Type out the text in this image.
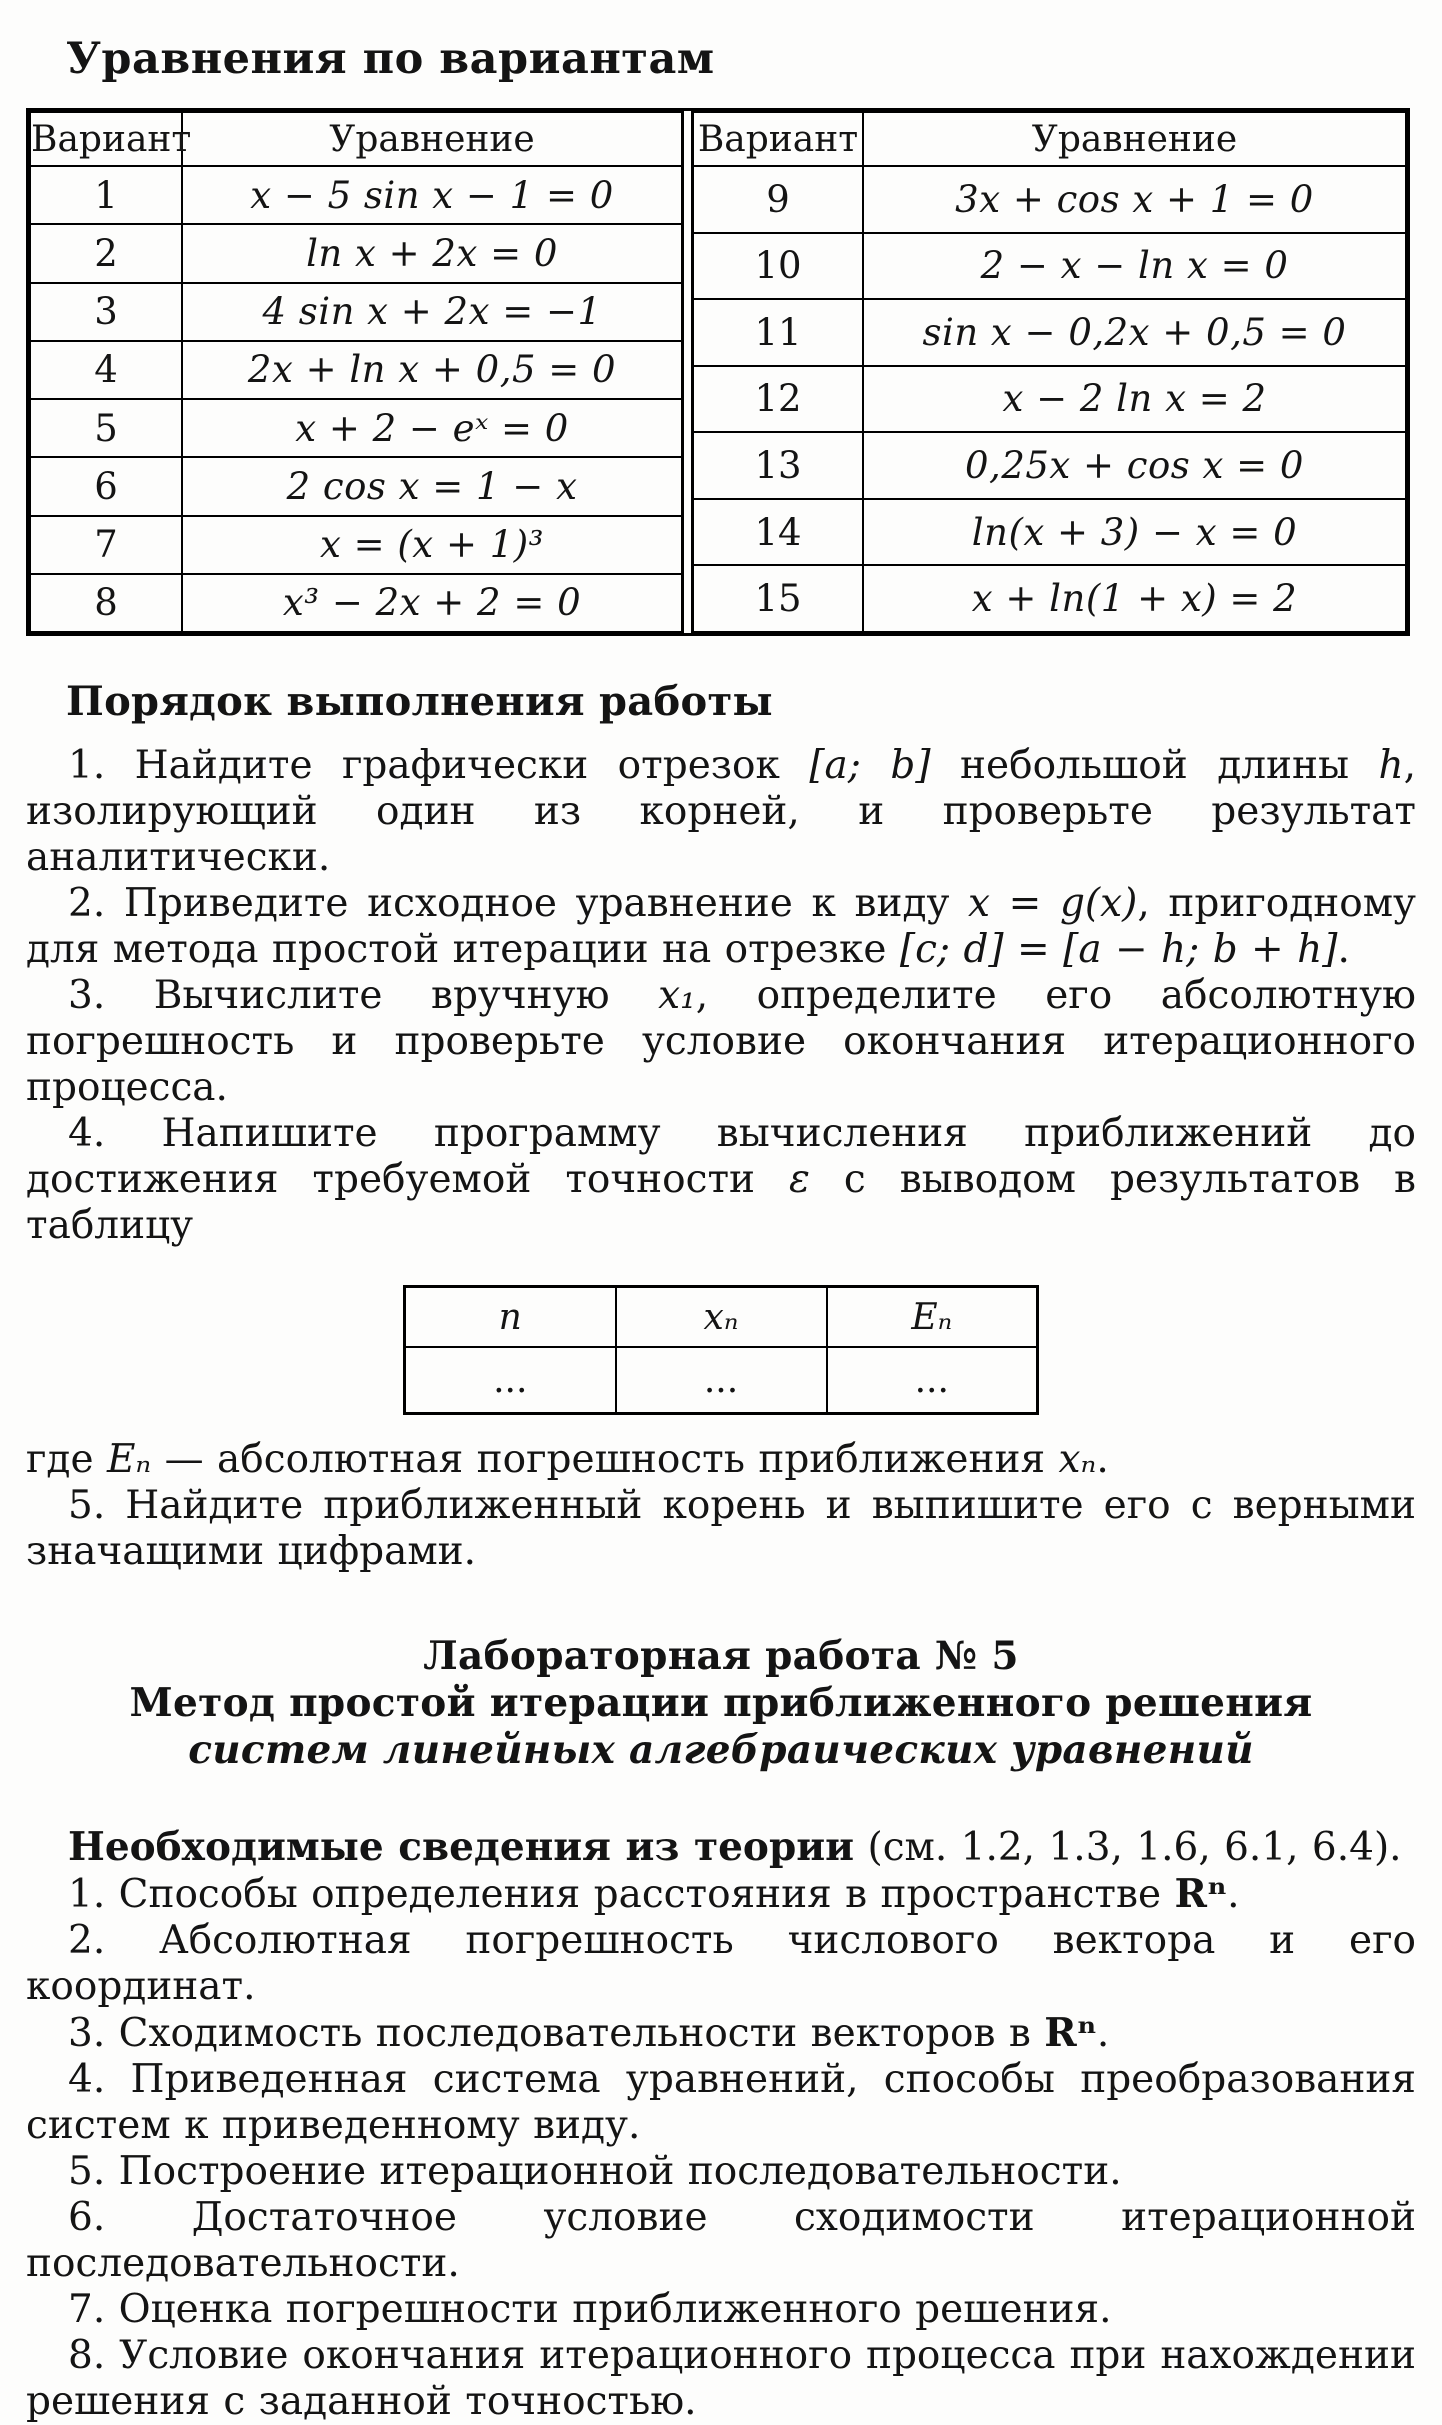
Уравнения по вариантам
Вариант	Уравнение
1	x − 5 sin x − 1 = 0
2	ln x + 2x = 0
3	4 sin x + 2x = −1
4	2x + ln x + 0,5 = 0
5	x + 2 − eˣ = 0
6	2 cos x = 1 − x
7	x = (x + 1)³
8	x³ − 2x + 2 = 0
Вариант	Уравнение
9	3x + cos x + 1 = 0
10	2 − x − ln x = 0
11	sin x − 0,2x + 0,5 = 0
12	x − 2 ln x = 2
13	0,25x + cos x = 0
14	ln(x + 3) − x = 0
15	x + ln(1 + x) = 2
Порядок выполнения работы

1. Найдите графически отрезок [a; b] небольшой длины h, изолирующий один из корней, и проверьте результат аналитически.

2. Приведите исходное уравнение к виду x = g(x), пригодному для метода простой итерации на отрезке [c; d] = [a − h; b + h].

3. Вычислите вручную x₁, определите его абсолютную погрешность и проверьте условие окончания итерационного процесса.

4. Напишите программу вычисления приближений до достижения требуемой точности ε с выводом результатов в таблицу

n	xₙ	Eₙ
...	...	...

где Eₙ — абсолютная погрешность приближения xₙ.

5. Найдите приближенный корень и выпишите его с верными значащими цифрами.

Лабораторная работа № 5

Метод простой итерации приближенного решения

систем линейных алгебраических уравнений

Необходимые сведения из теории (см. 1.2, 1.3, 1.6, 6.1, 6.4).

1. Способы определения расстояния в пространстве Rⁿ.

2. Абсолютная погрешность числового вектора и его координат.

3. Сходимость последовательности векторов в Rⁿ.

4. Приведенная система уравнений, способы преобразования систем к приведенному виду.

5. Построение итерационной последовательности.

6. Достаточное условие сходимости итерационной последовательности.

7. Оценка погрешности приближенного решения.

8. Условие окончания итерационного процесса при нахождении решения с заданной точностью.
